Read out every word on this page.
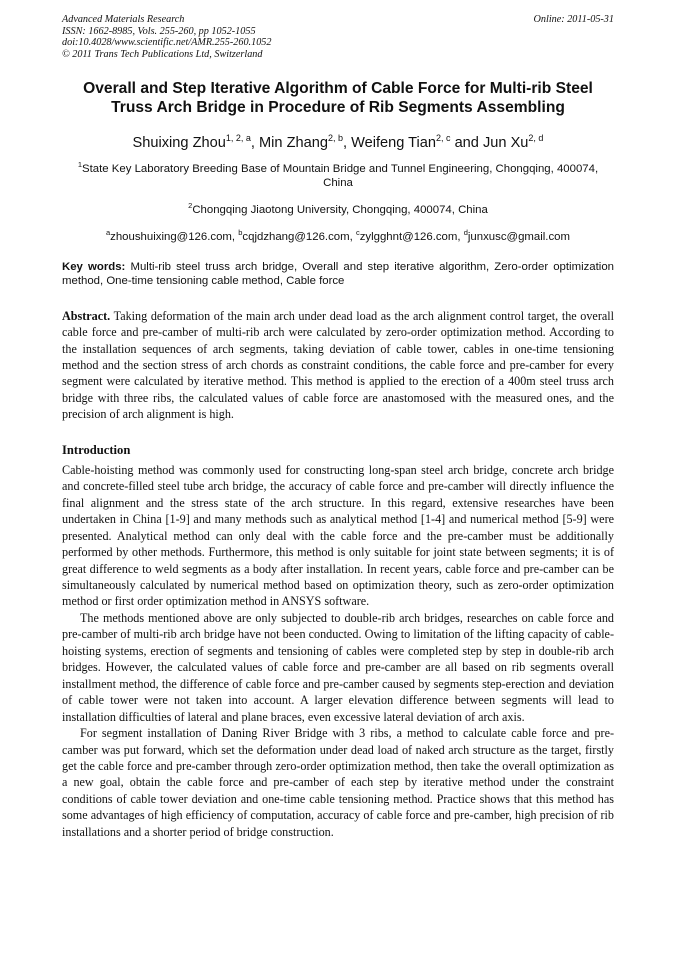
Advanced Materials Research
ISSN: 1662-8985, Vols. 255-260, pp 1052-1055
doi:10.4028/www.scientific.net/AMR.255-260.1052
© 2011 Trans Tech Publications Ltd, Switzerland
Online: 2011-05-31
Overall and Step Iterative Algorithm of Cable Force for Multi-rib Steel Truss Arch Bridge in Procedure of Rib Segments Assembling
Shuixing Zhou$^{1, 2, a}$, Min Zhang$^{2, b}$, Weifeng Tian$^{2, c}$ and Jun Xu$^{2, d}$
$^1$State Key Laboratory Breeding Base of Mountain Bridge and Tunnel Engineering, Chongqing, 400074, China
$^2$Chongqing Jiaotong University, Chongqing, 400074, China
$^a$zhoushuixing@126.com, $^b$cqjdzhang@126.com, $^c$zylgghnt@126.com, $^d$junxusc@gmail.com
Key words: Multi-rib steel truss arch bridge, Overall and step iterative algorithm, Zero-order optimization method, One-time tensioning cable method, Cable force
Abstract. Taking deformation of the main arch under dead load as the arch alignment control target, the overall cable force and pre-camber of multi-rib arch were calculated by zero-order optimization method. According to the installation sequences of arch segments, taking deviation of cable tower, cables in one-time tensioning method and the section stress of arch chords as constraint conditions, the cable force and pre-camber for every segment were calculated by iterative method. This method is applied to the erection of a 400m steel truss arch bridge with three ribs, the calculated values of cable force are anastomosed with the measured ones, and the precision of arch alignment is high.
Introduction

Cable-hoisting method was commonly used for constructing long-span steel arch bridge, concrete arch bridge and concrete-filled steel tube arch bridge, the accuracy of cable force and pre-camber will directly influence the final alignment and the stress state of the arch structure. In this regard, extensive researches have been undertaken in China [1-9] and many methods such as analytical method [1-4] and numerical method [5-9] were presented. Analytical method can only deal with the cable force and the pre-camber must be additionally performed by other methods. Furthermore, this method is only suitable for joint state between segments; it is of great difference to weld segments as a body after installation. In recent years, cable force and pre-camber can be simultaneously calculated by numerical method based on optimization theory, such as zero-order optimization method or first order optimization method in ANSYS software.

The methods mentioned above are only subjected to double-rib arch bridges, researches on cable force and pre-camber of multi-rib arch bridge have not been conducted. Owing to limitation of the lifting capacity of cable-hoisting systems, erection of segments and tensioning of cables were completed step by step in double-rib arch bridges. However, the calculated values of cable force and pre-camber are all based on rib segments overall installment method, the difference of cable force and pre-camber caused by segments step-erection and deviation of cable tower were not taken into account. A larger elevation difference between segments will lead to installation difficulties of lateral and plane braces, even excessive lateral deviation of arch axis.

For segment installation of Daning River Bridge with 3 ribs, a method to calculate cable force and pre-camber was put forward, which set the deformation under dead load of naked arch structure as the target, firstly get the cable force and pre-camber through zero-order optimization method, then take the overall optimization as a new goal, obtain the cable force and pre-camber of each step by iterative method under the constraint conditions of cable tower deviation and one-time cable tensioning method. Practice shows that this method has some advantages of high efficiency of computation, accuracy of cable force and pre-camber, high precision of rib installations and a shorter period of bridge construction.
